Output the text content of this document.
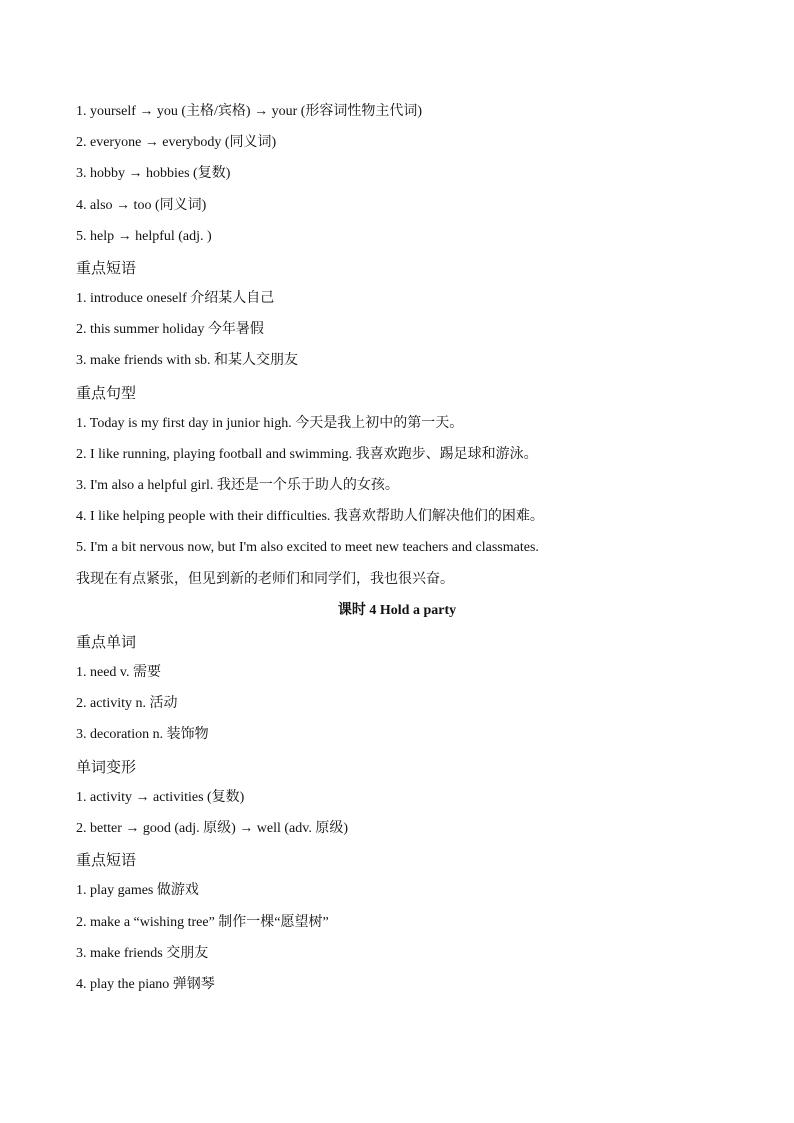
1. yourself → you (主格/宾格) → your (形容词性物主代词)
2. everyone → everybody (同义词)
3. hobby → hobbies (复数)
4. also → too (同义词)
5. help → helpful (adj. )
重点短语
1. introduce oneself 介绍某人自己
2. this summer holiday 今年暑假
3. make friends with sb. 和某人交朋友
重点句型
1. Today is my first day in junior high. 今天是我上初中的第一天。
2. I like running, playing football and swimming. 我喜欢跑步、踢足球和游泳。
3. I'm also a helpful girl. 我还是一个乐于助人的女孩。
4. I like helping people with their difficulties. 我喜欢帮助人们解决他们的困难。
5. I'm a bit nervous now, but I'm also excited to meet new teachers and classmates.
我现在有点紧张，但见到新的老师们和同学们，我也很兴奋。
课时 4 Hold a party
重点单词
1. need v. 需要
2. activity n. 活动
3. decoration n. 装饰物
单词变形
1. activity → activities (复数)
2. better → good (adj. 原级) → well (adv. 原级)
重点短语
1. play games 做游戏
2. make a “wishing tree” 制作一棵“愿望树”
3. make friends 交朋友
4. play the piano 弹钢琴
